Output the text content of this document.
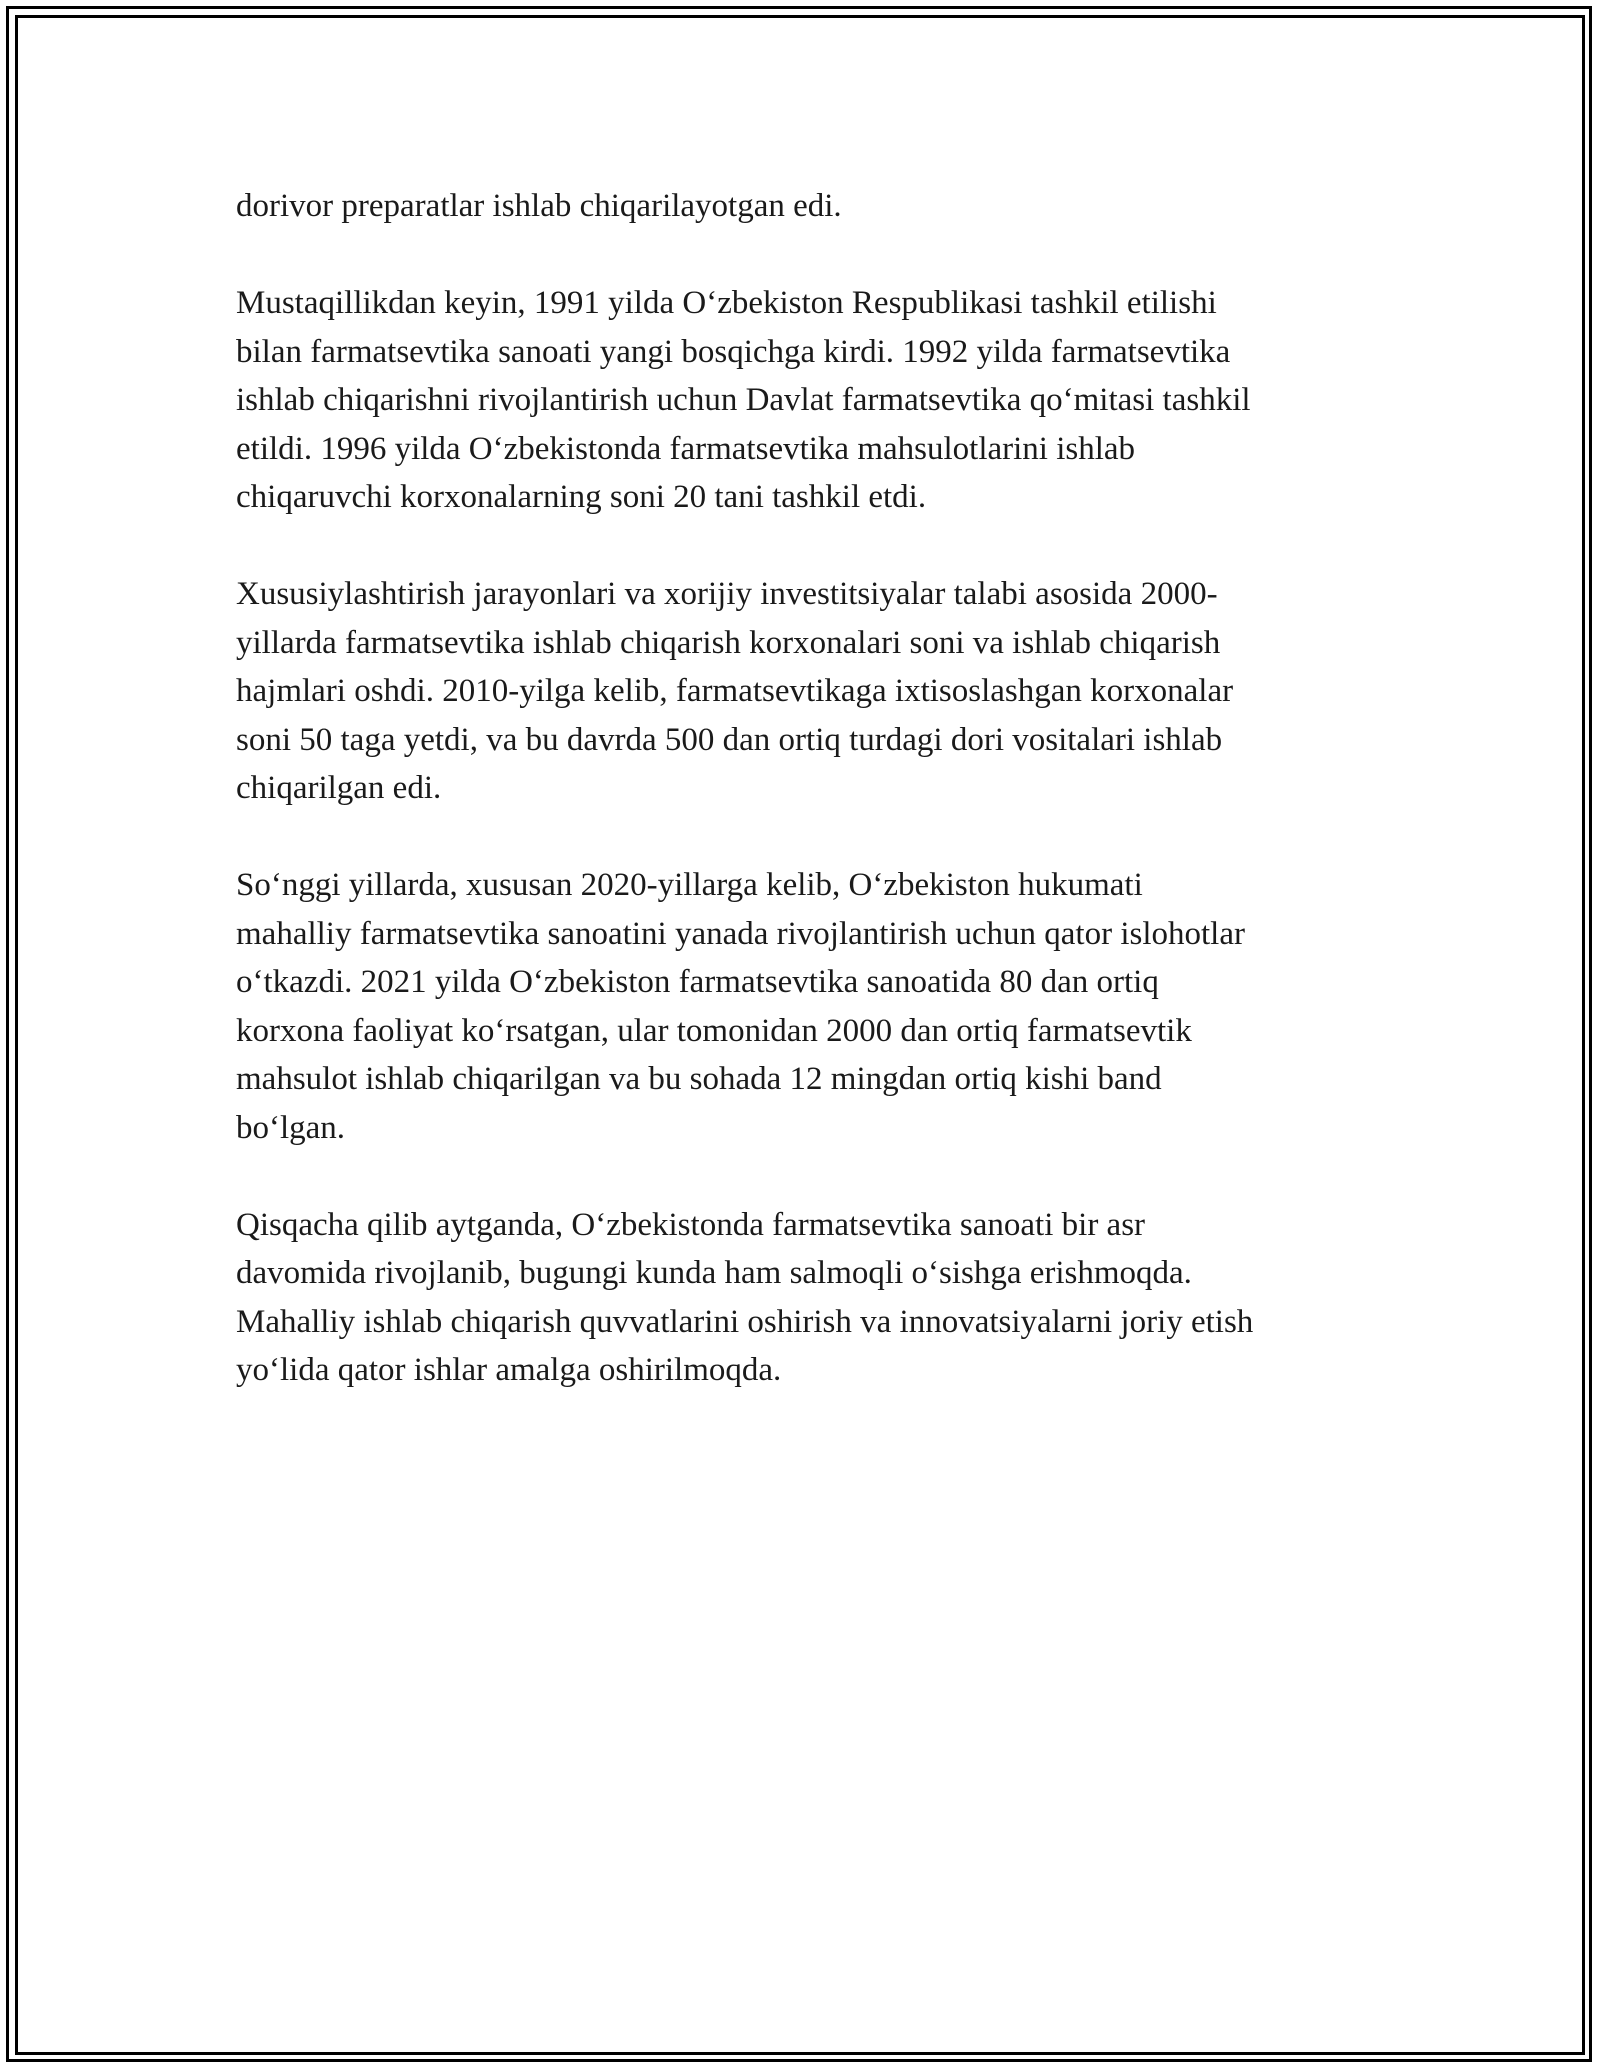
dorivor preparatlar ishlab chiqarilayotgan edi.

Mustaqillikdan keyin, 1991 yilda O‘zbekiston Respublikasi tashkil etilishi
bilan farmatsevtika sanoati yangi bosqichga kirdi. 1992 yilda farmatsevtika
ishlab chiqarishni rivojlantirish uchun Davlat farmatsevtika qo‘mitasi tashkil
etildi. 1996 yilda O‘zbekistonda farmatsevtika mahsulotlarini ishlab
chiqaruvchi korxonalarning soni 20 tani tashkil etdi.

Xususiylashtirish jarayonlari va xorijiy investitsiyalar talabi asosida 2000-
yillarda farmatsevtika ishlab chiqarish korxonalari soni va ishlab chiqarish
hajmlari oshdi. 2010-yilga kelib, farmatsevtikaga ixtisoslashgan korxonalar
soni 50 taga yetdi, va bu davrda 500 dan ortiq turdagi dori vositalari ishlab
chiqarilgan edi.

So‘nggi yillarda, xususan 2020-yillarga kelib, O‘zbekiston hukumati
mahalliy farmatsevtika sanoatini yanada rivojlantirish uchun qator islohotlar
o‘tkazdi. 2021 yilda O‘zbekiston farmatsevtika sanoatida 80 dan ortiq
korxona faoliyat ko‘rsatgan, ular tomonidan 2000 dan ortiq farmatsevtik
mahsulot ishlab chiqarilgan va bu sohada 12 mingdan ortiq kishi band
bo‘lgan.

Qisqacha qilib aytganda, O‘zbekistonda farmatsevtika sanoati bir asr
davomida rivojlanib, bugungi kunda ham salmoqli o‘sishga erishmoqda.
Mahalliy ishlab chiqarish quvvatlarini oshirish va innovatsiyalarni joriy etish
yo‘lida qator ishlar amalga oshirilmoqda.
